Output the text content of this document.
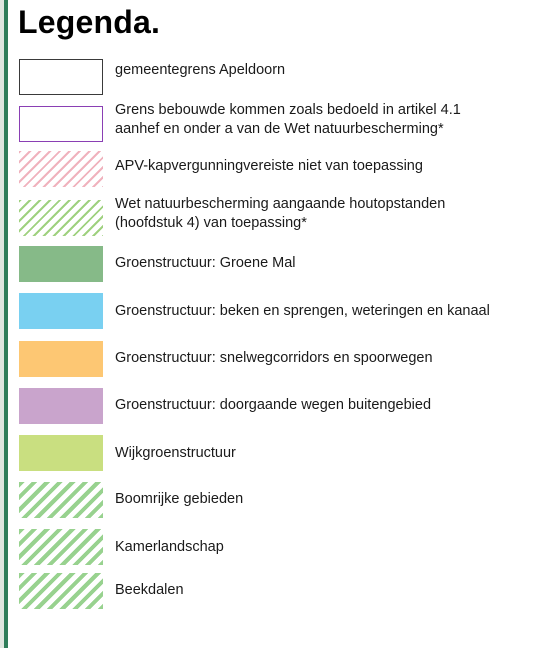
Legenda.
gemeentegrens Apeldoorn
Grens bebouwde kommen zoals bedoeld in artikel 4.1
aanhef en onder a van de Wet natuurbescherming*
APV-kapvergunningvereiste niet van toepassing
Wet natuurbescherming aangaande houtopstanden
(hoofdstuk 4) van toepassing*
Groenstructuur: Groene Mal
Groenstructuur: beken en sprengen, weteringen en kanaal
Groenstructuur: snelwegcorridors en spoorwegen
Groenstructuur: doorgaande wegen buitengebied
Wijkgroenstructuur
Boomrijke gebieden
Kamerlandschap
Beekdalen
